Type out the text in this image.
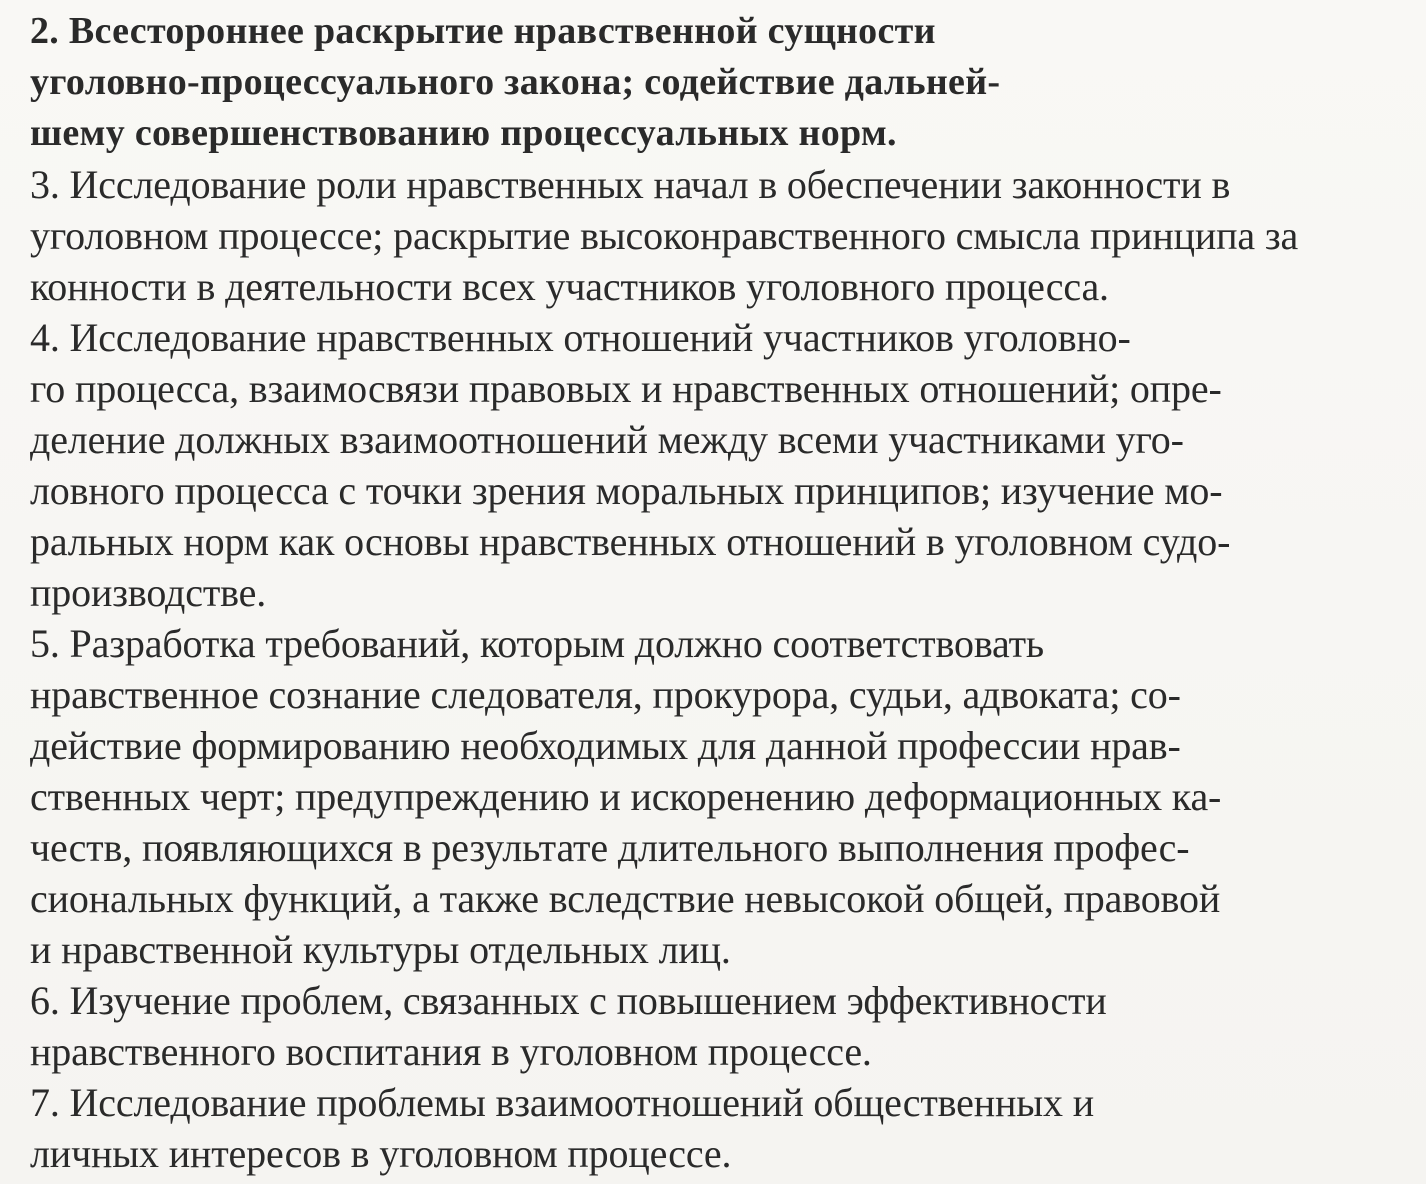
2. Всестороннее раскрытие нравственной сущности
уголовно-процессуального закона; содействие дальней-
шему совершенствованию процессуальных норм.
3. Исследование роли нравственных начал в обеспечении законности в
уголовном процессе; раскрытие высоконравственного смысла принципа за
конности в деятельности всех участников уголовного процесса.
4. Исследование нравственных отношений участников уголовно-
го процесса, взаимосвязи правовых и нравственных отношений; опре-
деление должных взаимоотношений между всеми участниками уго-
ловного процесса с точки зрения моральных принципов; изучение мо-
ральных норм как основы нравственных отношений в уголовном судо-
производстве.
5. Разработка требований, которым должно соответствовать
нравственное сознание следователя, прокурора, судьи, адвоката; со-
действие формированию необходимых для данной профессии нрав-
ственных черт; предупреждению и искоренению деформационных ка-
честв, появляющихся в результате длительного выполнения профес-
сиональных функций, а также вследствие невысокой общей, правовой
и нравственной культуры отдельных лиц.
6. Изучение проблем, связанных с повышением эффективности
нравственного воспитания в уголовном процессе.
7. Исследование проблемы взаимоотношений общественных и
личных интересов в уголовном процессе.
